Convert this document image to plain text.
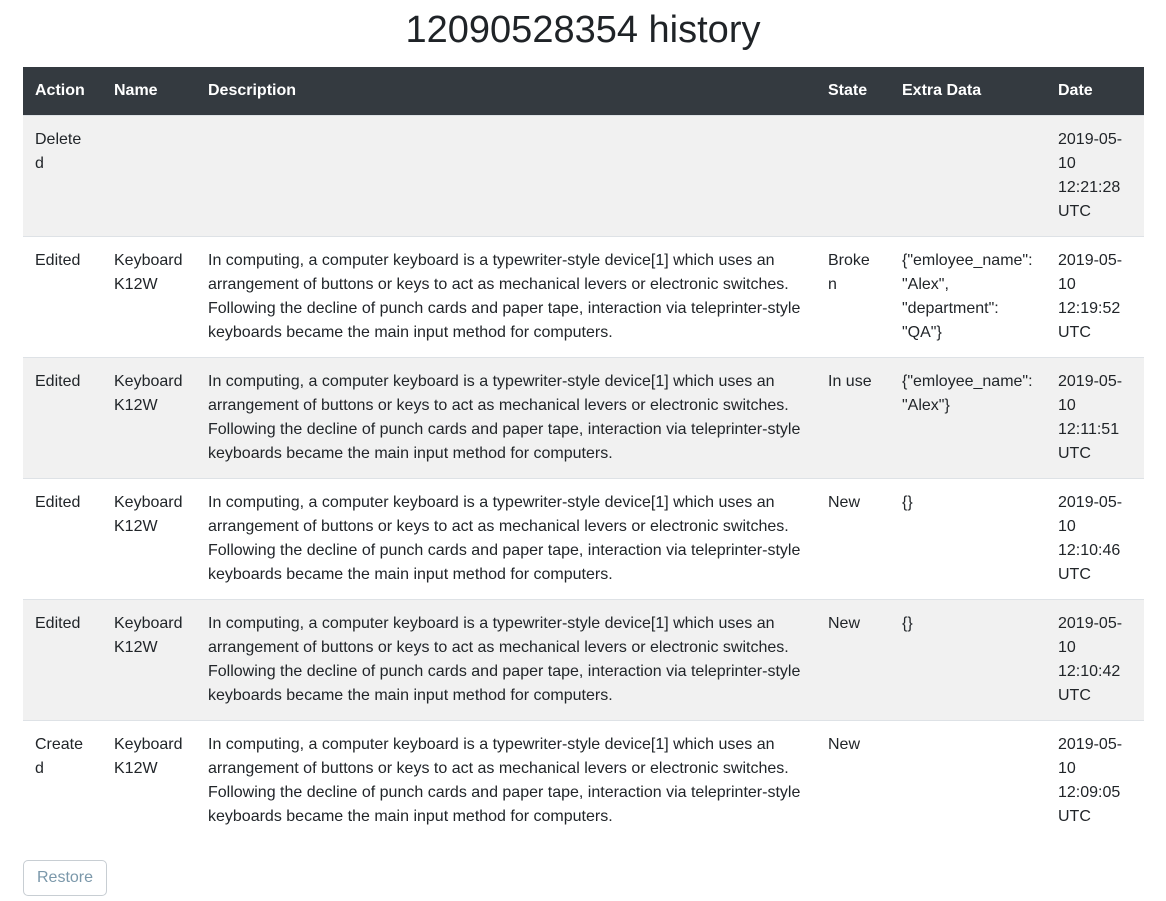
12090528354 history
Action	Name	Description	State	Extra Data	Date
Deleted					2019-05-10 12:21:28 UTC
Edited	Keyboard K12W	In computing, a computer keyboard is a typewriter-style device[1] which uses an arrangement of buttons or keys to act as mechanical levers or electronic switches. Following the decline of punch cards and paper tape, interaction via teleprinter-style keyboards became the main input method for computers.	Broken	{"emloyee_name": "Alex", "department": "QA"}	2019-05-10 12:19:52 UTC
Edited	Keyboard K12W	In computing, a computer keyboard is a typewriter-style device[1] which uses an arrangement of buttons or keys to act as mechanical levers or electronic switches. Following the decline of punch cards and paper tape, interaction via teleprinter-style keyboards became the main input method for computers.	In use	{"emloyee_name": "Alex"}	2019-05-10 12:11:51 UTC
Edited	Keyboard K12W	In computing, a computer keyboard is a typewriter-style device[1] which uses an arrangement of buttons or keys to act as mechanical levers or electronic switches. Following the decline of punch cards and paper tape, interaction via teleprinter-style keyboards became the main input method for computers.	New	{}	2019-05-10 12:10:46 UTC
Edited	Keyboard K12W	In computing, a computer keyboard is a typewriter-style device[1] which uses an arrangement of buttons or keys to act as mechanical levers or electronic switches. Following the decline of punch cards and paper tape, interaction via teleprinter-style keyboards became the main input method for computers.	New	{}	2019-05-10 12:10:42 UTC
Created	Keyboard K12W	In computing, a computer keyboard is a typewriter-style device[1] which uses an arrangement of buttons or keys to act as mechanical levers or electronic switches. Following the decline of punch cards and paper tape, interaction via teleprinter-style keyboards became the main input method for computers.	New		2019-05-10 12:09:05 UTC
Restore
